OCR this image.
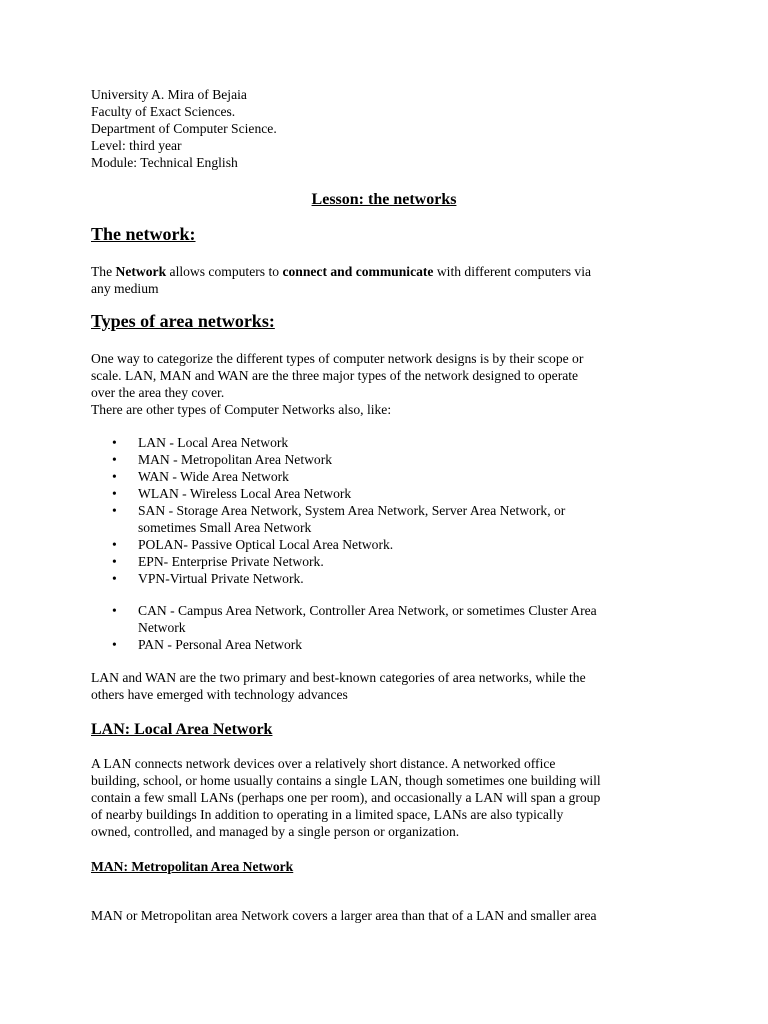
University A. Mira of Bejaia
Faculty of Exact Sciences.
Department of Computer Science.
Level: third year
Module: Technical English
Lesson: the networks
The network:
The Network allows computers to connect and communicate with different computers via
any medium
Types of area networks:
One way to categorize the different types of computer network designs is by their scope or
scale. LAN, MAN and WAN are the three major types of the network designed to operate
over the area they cover.
There are other types of Computer Networks also, like:
• LAN - Local Area Network
• MAN - Metropolitan Area Network
• WAN - Wide Area Network
• WLAN - Wireless Local Area Network
• SAN - Storage Area Network, System Area Network, Server Area Network, or
sometimes Small Area Network
• POLAN- Passive Optical Local Area Network.
• EPN- Enterprise Private Network.
• VPN-Virtual Private Network.
• CAN - Campus Area Network, Controller Area Network, or sometimes Cluster Area
Network
• PAN - Personal Area Network
LAN and WAN are the two primary and best-known categories of area networks, while the
others have emerged with technology advances
LAN: Local Area Network
A LAN connects network devices over a relatively short distance. A networked office
building, school, or home usually contains a single LAN, though sometimes one building will
contain a few small LANs (perhaps one per room), and occasionally a LAN will span a group
of nearby buildings In addition to operating in a limited space, LANs are also typically
owned, controlled, and managed by a single person or organization.
MAN: Metropolitan Area Network
MAN or Metropolitan area Network covers a larger area than that of a LAN and smaller area
